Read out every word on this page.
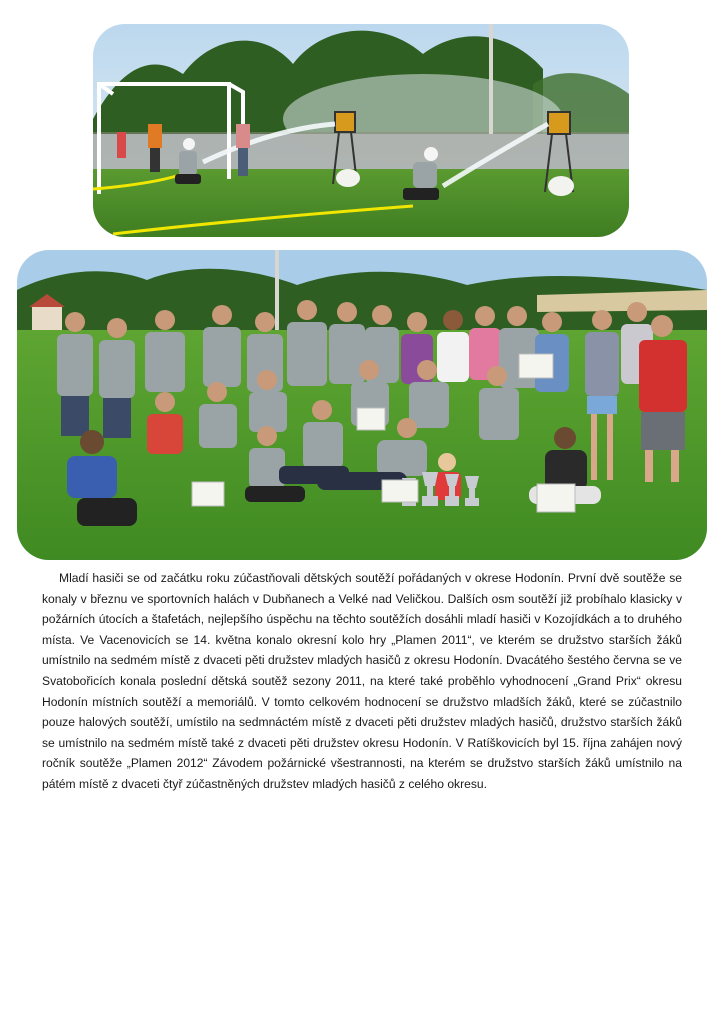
Mladí hasiči se od začátku roku zúčastňovali dětských soutěží pořádaných v okrese Hodonín. První dvě soutěže se konaly v březnu ve sportovních halách v Dubňanech a Velké nad Veličkou. Dalších osm soutěží již probíhalo klasicky v požárních útocích a štafetách, nejlepšího úspěchu na těchto soutěžích dosáhli mladí hasiči v Kozojídkách a to druhého místa. Ve Vacenovicích se 14. května konalo okresní kolo hry „Plamen 2011“, ve kterém se družstvo starších žáků umístnilo na sedmém místě z dvaceti pěti družstev mladých hasičů z okresu Hodonín. Dvacátého šestého června se ve Svatobořicích konala poslední dětská soutěž sezony 2011, na které také proběhlo vyhodnocení „Grand Prix“ okresu Hodonín místních soutěží a memoriálů. V tomto celkovém hodnocení se družstvo mladších žáků, které se zúčastnilo pouze halových soutěží, umístilo na sedmnáctém místě z dvaceti pěti družstev mladých hasičů, družstvo starších žáků se umístnilo na sedmém místě také z dvaceti pěti družstev okresu Hodonín. V Ratíškovicích byl 15. října zahájen nový ročník soutěže „Plamen 2012“ Závodem požárnické všestrannosti, na kterém se družstvo starších žáků umístnilo na pátém místě z dvaceti čtyř zúčastněných družstev mladých hasičů z celého okresu.
